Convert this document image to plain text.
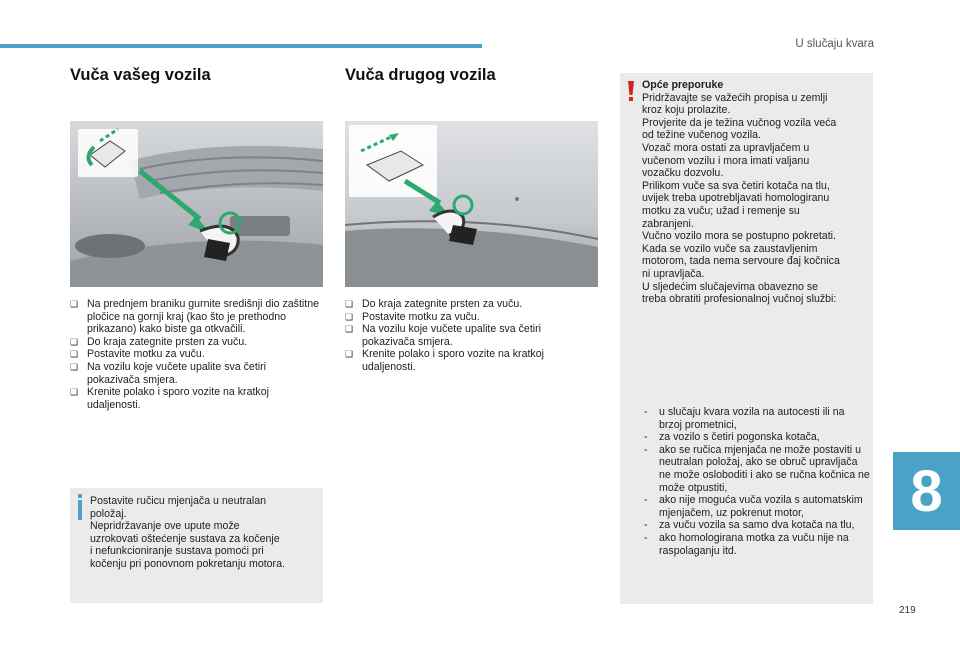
U slučaju kvara
8
219
Vuča vašeg vozila
❏ Na prednjem braniku gurnite središnji dio zaštitne pločice na gornji kraj (kao što je prethodno prikazano) kako biste ga otkvačili.
❏ Do kraja zategnite prsten za vuču.
❏ Postavite motku za vuču.
❏ Na vozilu koje vučete upalite sva četiri pokazivača smjera.
❏ Krenite polako i sporo vozite na kratkoj udaljenosti.

Postavite ručicu mjenjača u neutralan
položaj.
Nepridržavanje ove upute može
uzrokovati oštećenje sustava za kočenje
i nefunkcioniranje sustava pomoći pri
kočenju pri ponovnom pokretanju motora.

Vuča drugog vozila
❏ Do kraja zategnite prsten za vuču.
❏ Postavite motku za vuču.
❏ Na vozilu koje vučete upalite sva četiri pokazivača smjera.
❏ Krenite polako i sporo vozite na kratkoj udaljenosti.

Opće preporuke

Pridržavajte se važećih propisa u zemlji

kroz koju prolazite.

Provjerite da je težina vučnog vozila veća

od težine vučenog vozila.

Vozač mora ostati za upravljačem u

vučenom vozilu i mora imati valjanu

vozačku dozvolu.

Prilikom vuče sa sva četiri kotača na tlu,

uvijek treba upotrebljavati homologiranu

motku za vuču; užad i remenje su

zabranjeni.

Vučno vozilo mora se postupno pokretati.

Kada se vozilo vuče sa zaustavljenim

motorom, tada nema servoure đaj kočnica

ni upravljača.

U sljedećim slučajevima obavezno se

treba obratiti profesionalnoj vučnoj službi:

- u slučaju kvara vozila na autocesti ili na brzoj prometnici,
- za vozilo s četiri pogonska kotača,
- ako se ručica mjenjača ne može postaviti u neutralan položaj, ako se obruč upravljača ne može osloboditi i ako se ručna kočnica ne može otpustiti,
- ako nije moguća vuča vozila s automatskim mjenjačem, uz pokrenut motor,
- za vuču vozila sa samo dva kotača na tlu,
- ako homologirana motka za vuču nije na raspolaganju itd.
